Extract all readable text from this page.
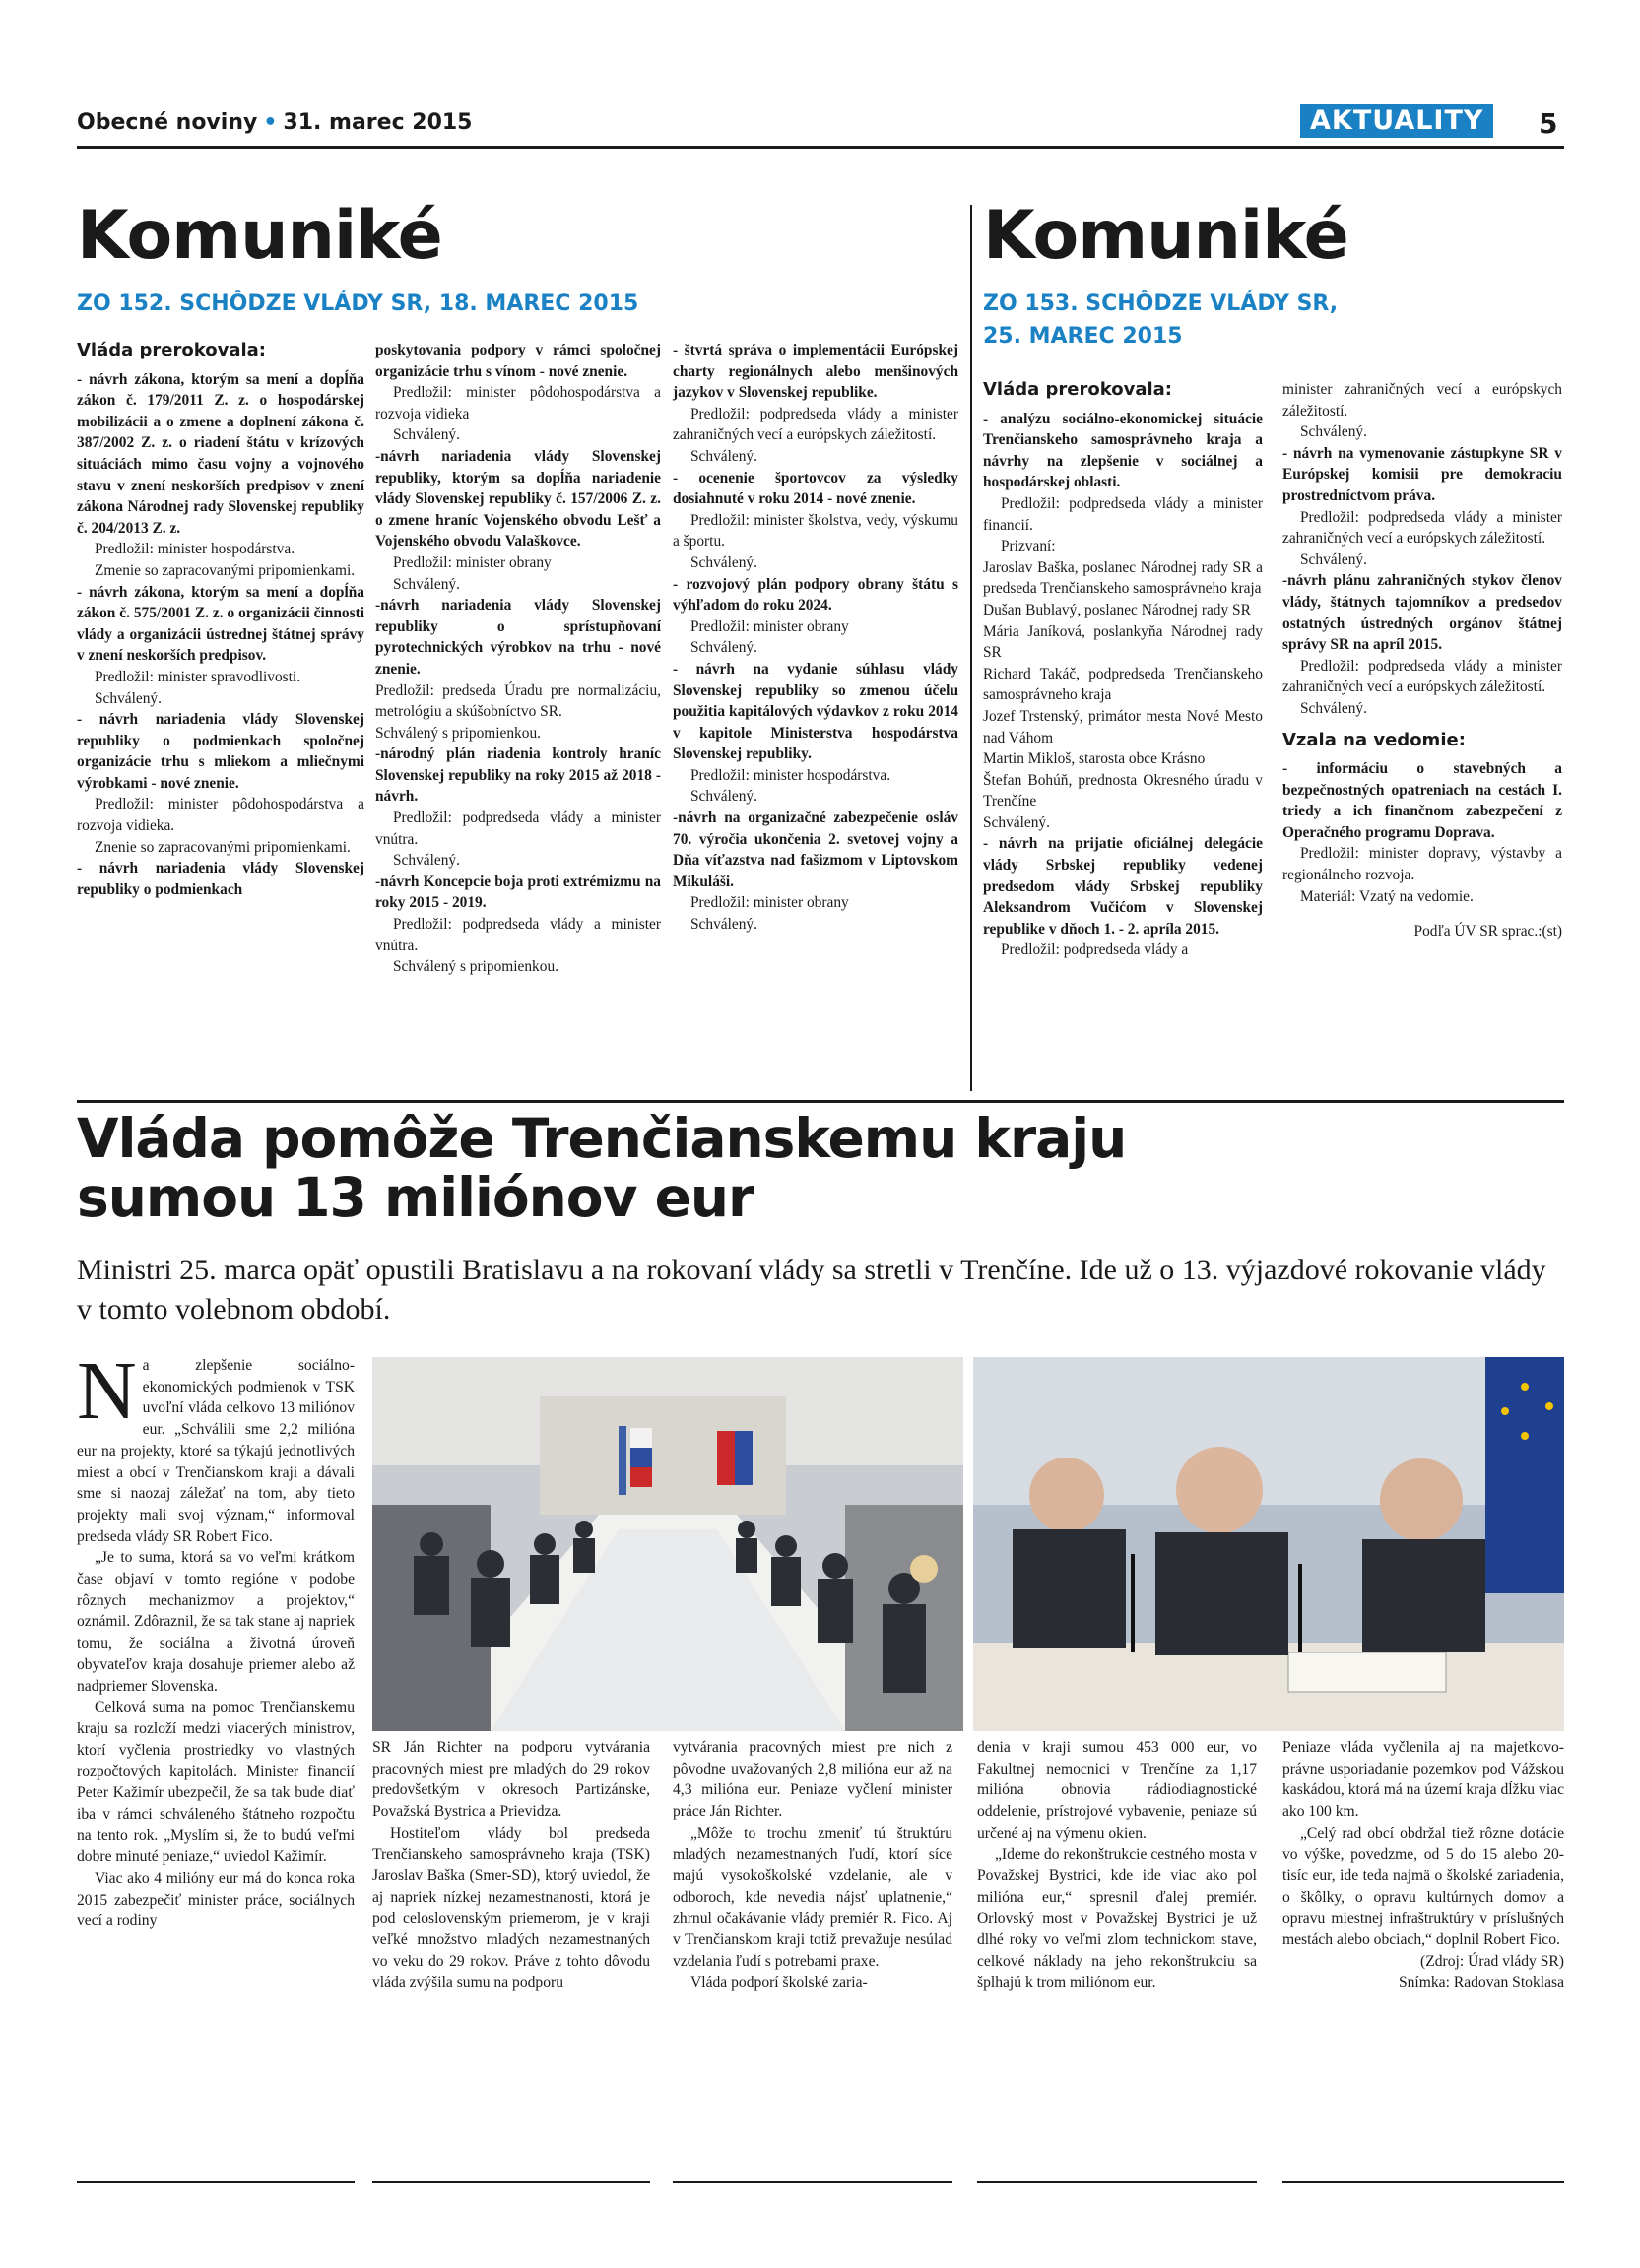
Obecné noviny • 31. marec 2015	AKTUALITY	5
Komuniké
ZO 152. SCHÔDZE VLÁDY SR, 18. MAREC 2015
Vláda prerokovala:
- návrh zákona, ktorým sa mení a dopĺňa zákon č. 179/2011 Z. z. o hospodárskej mobilizácii a o zmene a doplnení zákona č. 387/2002 Z. z. o riadení štátu v krízových situáciách mimo času vojny a vojnového stavu v znení neskorších predpisov v znení zákona Národnej rady Slovenskej republiky č. 204/2013 Z. z.
Predložil: minister hospodárstva.
Zmenie so zapracovanými pripomienkami.
- návrh zákona, ktorým sa mení a dopĺňa zákon č. 575/2001 Z. z. o organizácii činnosti vlády a organizácii ústrednej štátnej správy v znení neskorších predpisov.
Predložil: minister spravodlivosti.
Schválený.
- návrh nariadenia vlády Slovenskej republiky o podmienkach spoločnej organizácie trhu s mliekom a mliečnymi výrobkami - nové znenie.
Predložil: minister pôdohospodárstva a rozvoja vidieka.
Znenie so zapracovanými pripomienkami.
- návrh nariadenia vlády Slovenskej republiky o podmienkach
poskytovania podpory v rámci spoločnej organizácie trhu s vínom - nové znenie.
Predložil: minister pôdohospodárstva a rozvoja vidieka
Schválený.
-návrh nariadenia vlády Slovenskej republiky, ktorým sa dopĺňa nariadenie vlády Slovenskej republiky č. 157/2006 Z. z. o zmene hraníc Vojenského obvodu Lešť a Vojenského obvodu Valaškovce.
Predložil: minister obrany
Schválený.
-návrh nariadenia vlády Slovenskej republiky o sprístupňovaní pyrotechnických výrobkov na trhu - nové znenie.
Predložil: predseda Úradu pre normalizáciu, metrológiu a skúšobníctvo SR.
Schválený s pripomienkou.
-národný plán riadenia kontroly hraníc Slovenskej republiky na roky 2015 až 2018 - návrh.
Predložil: podpredseda vlády a minister vnútra.
Schválený.
-návrh Koncepcie boja proti extrémizmu na roky 2015 - 2019.
Predložil: podpredseda vlády a minister vnútra.
Schválený s pripomienkou.
- štvrtá správa o implementácii Európskej charty regionálnych alebo menšinových jazykov v Slovenskej republike.
Predložil: podpredseda vlády a minister zahraničných vecí a európskych záležitostí.
Schválený.
- ocenenie športovcov za výsledky dosiahnuté v roku 2014 - nové znenie.
Predložil: minister školstva, vedy, výskumu a športu.
Schválený.
- rozvojový plán podpory obrany štátu s výhľadom do roku 2024.
Predložil: minister obrany
Schválený.
- návrh na vydanie súhlasu vlády Slovenskej republiky so zmenou účelu použitia kapitálových výdavkov z roku 2014 v kapitole Ministerstva hospodárstva Slovenskej republiky.
Predložil: minister hospodárstva.
Schválený.
-návrh na organizačné zabezpečenie osláv 70. výročia ukončenia 2. svetovej vojny a Dňa víťazstva nad fašizmom v Liptovskom Mikuláši.
Predložil: minister obrany
Schválený.
Komuniké
ZO 153. SCHÔDZE VLÁDY SR,
25. MAREC 2015
Vláda prerokovala:
- analýzu sociálno-ekonomickej situácie Trenčianskeho samosprávneho kraja a návrhy na zlepšenie v sociálnej a hospodárskej oblasti.
Predložil: podpredseda vlády a minister financií.
Prizvaní:
Jaroslav Baška, poslanec Národnej rady SR a predseda Trenčianskeho samosprávneho kraja
Dušan Bublavý, poslanec Národnej rady SR
Mária Janíková, poslankyňa Národnej rady SR
Richard Takáč, podpredseda Trenčianskeho samosprávneho kraja
Jozef Trstenský, primátor mesta Nové Mesto nad Váhom
Martin Mikloš, starosta obce Krásno
Štefan Bohúň, prednosta Okresného úradu v Trenčíne
Schválený.
- návrh na prijatie oficiálnej delegácie vlády Srbskej republiky vedenej predsedom vlády Srbskej republiky Aleksandrom Vučićom v Slovenskej republike v dňoch 1. - 2. apríla 2015.
Predložil: podpredseda vlády a
minister zahraničných vecí a európskych záležitostí.
Schválený.
- návrh na vymenovanie zástupkyne SR v Európskej komisii pre demokraciu prostredníctvom práva.
Predložil: podpredseda vlády a minister zahraničných vecí a európskych záležitostí.
Schválený.
-návrh plánu zahraničných stykov členov vlády, štátnych tajomníkov a predsedov ostatných ústredných orgánov štátnej správy SR na apríl 2015.
Predložil: podpredseda vlády a minister zahraničných vecí a európskych záležitostí.
Schválený.
Vzala na vedomie:
- informáciu o stavebných a bezpečnostných opatreniach na cestách I. triedy a ich finančnom zabezpečení z Operačného programu Doprava.
Predložil: minister dopravy, výstavby a regionálneho rozvoja.
Materiál: Vzatý na vedomie.
Podľa ÚV SR sprac.:(st)
Vláda pomôže Trenčianskemu kraju
sumou 13 miliónov eur
Ministri 25. marca opäť opustili Bratislavu a na rokovaní vlády sa stretli v Trenčíne. Ide už o 13. výjazdové rokovanie vlády v tomto volebnom období.

Na zlepšenie sociálno-ekonomických podmienok v TSK uvoľní vláda celkovo 13 miliónov eur. „Schválili sme 2,2 milióna eur na projekty, ktoré sa týkajú jednotlivých miest a obcí v Trenčianskom kraji a dávali sme si naozaj záležať na tom, aby tieto projekty mali svoj význam,“ informoval predseda vlády SR Robert Fico.

„Je to suma, ktorá sa vo veľmi krátkom čase objaví v tomto regióne v podobe rôznych mechanizmov a projektov,“ oznámil. Zdôraznil, že sa tak stane aj napriek tomu, že sociálna a životná úroveň obyvateľov kraja dosahuje priemer alebo až nadpriemer Slovenska.

Celková suma na pomoc Trenčianskemu kraju sa rozloží medzi viacerých ministrov, ktorí vyčlenia prostriedky vo vlastných rozpočtových kapitolách. Minister financií Peter Kažimír ubezpečil, že sa tak bude diať iba v rámci schváleného štátneho rozpočtu na tento rok. „Myslím si, že to budú veľmi dobre minuté peniaze,“ uviedol Kažimír.

Viac ako 4 milióny eur má do konca roka 2015 zabezpečiť minister práce, sociálnych vecí a rodiny

SR Ján Richter na podporu vytvárania pracovných miest pre mladých do 29 rokov predovšetkým v okresoch Partizánske, Považská Bystrica a Prievidza.

Hostiteľom vlády bol predseda Trenčianskeho samosprávneho kraja (TSK) Jaroslav Baška (Smer-SD), ktorý uviedol, že aj napriek nízkej nezamestnanosti, ktorá je pod celoslovenským priemerom, je v kraji veľké množstvo mladých nezamestnaných vo veku do 29 rokov. Práve z tohto dôvodu vláda zvýšila sumu na podporu

vytvárania pracovných miest pre nich z pôvodne uvažovaných 2,8 milióna eur až na 4,3 milióna eur. Peniaze vyčlení minister práce Ján Richter.

„Môže to trochu zmeniť tú štruktúru mladých nezamestnaných ľudí, ktorí síce majú vysokoškolské vzdelanie, ale v odboroch, kde nevedia nájsť uplatnenie,“ zhrnul očakávanie vlády premiér R. Fico. Aj v Trenčianskom kraji totiž prevažuje nesúlad vzdelania ľudí s potrebami praxe.

Vláda podporí školské zaria-

denia v kraji sumou 453 000 eur, vo Fakultnej nemocnici v Trenčíne za 1,17 milióna obnovia rádiodiagnostické oddelenie, prístrojové vybavenie, peniaze sú určené aj na výmenu okien.

„Ideme do rekonštrukcie cestného mosta v Považskej Bystrici, kde ide viac ako pol milióna eur,“ spresnil ďalej premiér. Orlovský most v Považskej Bystrici je už dlhé roky vo veľmi zlom technickom stave, celkové náklady na jeho rekonštrukciu sa šplhajú k trom miliónom eur.

Peniaze vláda vyčlenila aj na majetkovo-právne usporiadanie pozemkov pod Vážskou kaskádou, ktorá má na území kraja dĺžku viac ako 100 km.

„Celý rad obcí obdržal tiež rôzne dotácie vo výške, povedzme, od 5 do 15 alebo 20-tisíc eur, ide teda najmä o školské zariadenia, o škôlky, o opravu kultúrnych domov a opravu miestnej infraštruktúry v príslušných mestách alebo obciach,“ doplnil Robert Fico.

(Zdroj: Úrad vlády SR)

Snímka: Radovan Stoklasa
